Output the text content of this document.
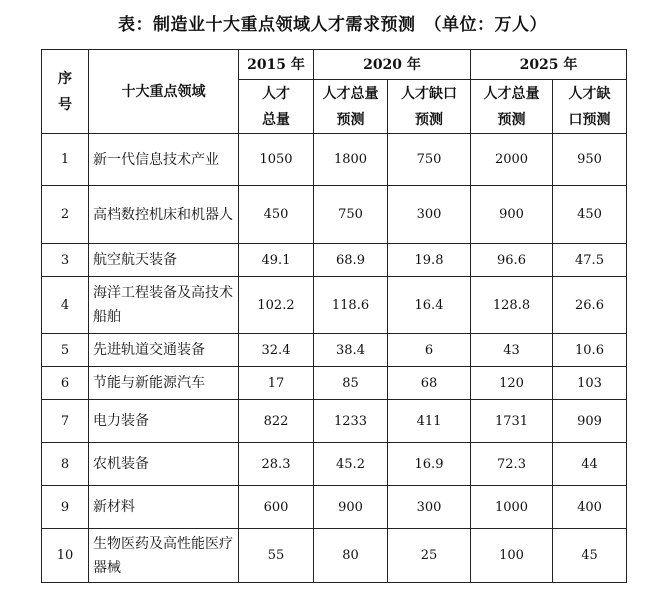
表：制造业十大重点领域人才需求预测　（单位：万人）
序号	十大重点领域	2015 年	2020 年		2025 年	
		人才总量	人才总量预测	人才缺口预测	人才总量预测	人才缺口预测
1	新一代信息技术产业	1050	1800	750	2000	950
2	高档数控机床和机器人	450	750	300	900	450
3	航空航天装备	49.1	68.9	19.8	96.6	47.5
4	海洋工程装备及高技术船舶	102.2	118.6	16.4	128.8	26.6
5	先进轨道交通装备	32.4	38.4	6	43	10.6
6	节能与新能源汽车	17	85	68	120	103
7	电力装备	822	1233	411	1731	909
8	农机装备	28.3	45.2	16.9	72.3	44
9	新材料	600	900	300	1000	400
10	生物医药及高性能医疗器械	55	80	25	100	45
